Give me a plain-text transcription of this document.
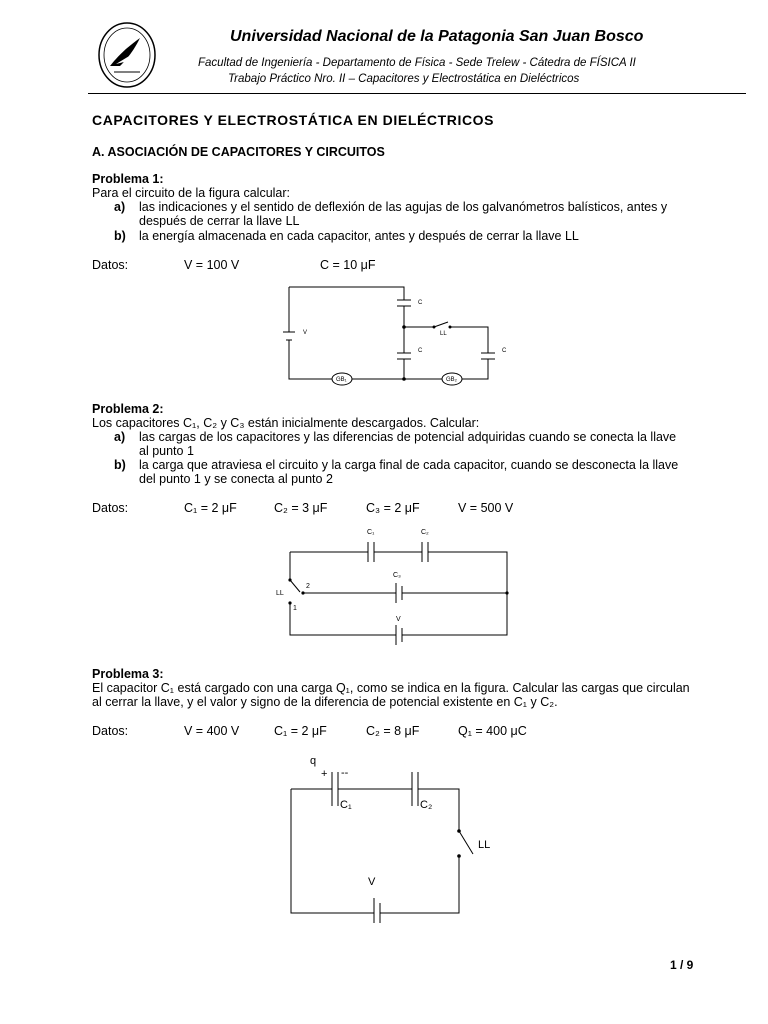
Universidad Nacional de la Patagonia San Juan Bosco
Facultad de Ingeniería - Departamento de Física - Sede Trelew - Cátedra de FÍSICA II
Trabajo Práctico Nro. II – Capacitores y Electrostática en Dieléctricos
CAPACITORES Y ELECTROSTÁTICA EN DIELÉCTRICOS
A. ASOCIACIÓN DE CAPACITORES Y CIRCUITOS
Problema 1:
Para el circuito de la figura calcular:
a) las indicaciones y el sentido de deflexión de las agujas de los galvanómetros balísticos, antes y
después de cerrar la llave LL
b) la energía almacenada en cada capacitor, antes y después de cerrar la llave LL
Datos:	V = 100 V	C = 10 μF
C
C	C
V	LL
GB₁	GB₂
Problema 2:
Los capacitores C₁, C₂ y C₃ están inicialmente descargados. Calcular:
a) las cargas de los capacitores y las diferencias de potencial adquiridas cuando se conecta la llave
al punto 1
b) la carga que atraviesa el circuito y la carga final de cada capacitor, cuando se desconecta la llave
del punto 1 y se conecta al punto 2
Datos:	C₁ = 2 μF	C₂ = 3 μF	C₃ = 2 μF	V = 500 V
C₁	C₂
C₃
LL
2
1
V
Problema 3:
El capacitor C₁ está cargado con una carga Q₁, como se indica en la figura. Calcular las cargas que circulan
al cerrar la llave, y el valor y signo de la diferencia de potencial existente en C₁ y C₂.
Datos:	V = 400 V	C₁ = 2 μF	C₂ = 8 μF	Q₁ = 400 μC
q
+ --
C₁	C₂
LL
V
1 / 9
